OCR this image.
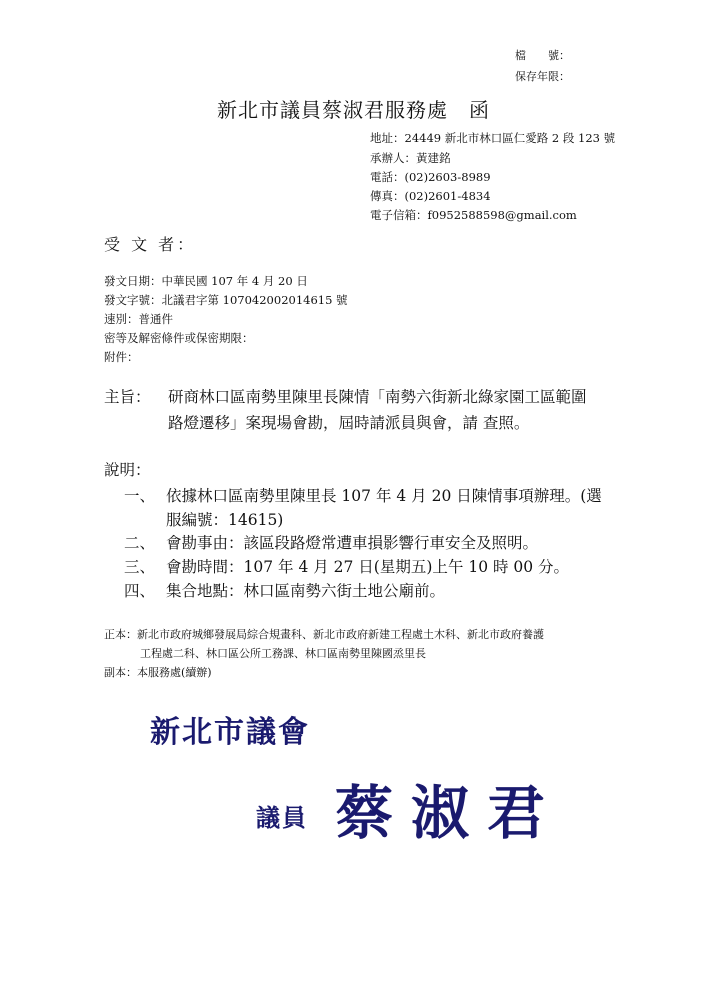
檔　　號：
保存年限：
新北市議員蔡淑君服務處　函
地址：24449 新北市林口區仁愛路 2 段 123 號
承辦人：黃建銘
電話：(02)2603-8989
傳真：(02)2601-4834
電子信箱：f0952588598@gmail.com
受 文 者：
發文日期：中華民國 107 年 4 月 20 日
發文字號：北議君字第 107042002014615 號
速別：普通件
密等及解密條件或保密期限：
附件：
主旨： 研商林口區南勢里陳里長陳情「南勢六街新北綠家園工區範圍
路燈遷移」案現場會勘，屆時請派員與會，請 查照。
說明：
一、 依據林口區南勢里陳里長 107 年 4 月 20 日陳情事項辦理。(選
服編號：14615)
二、 會勘事由：該區段路燈常遭車損影響行車安全及照明。
三、 會勘時間：107 年 4 月 27 日(星期五)上午 10 時 00 分。
四、 集合地點：林口區南勢六街土地公廟前。
正本：新北市政府城鄉發展局綜合規畫科、新北市政府新建工程處土木科、新北市政府養護
工程處二科、林口區公所工務課、林口區南勢里陳國烝里長
副本：本服務處(續辦)
新北市議會
議員 蔡淑君
